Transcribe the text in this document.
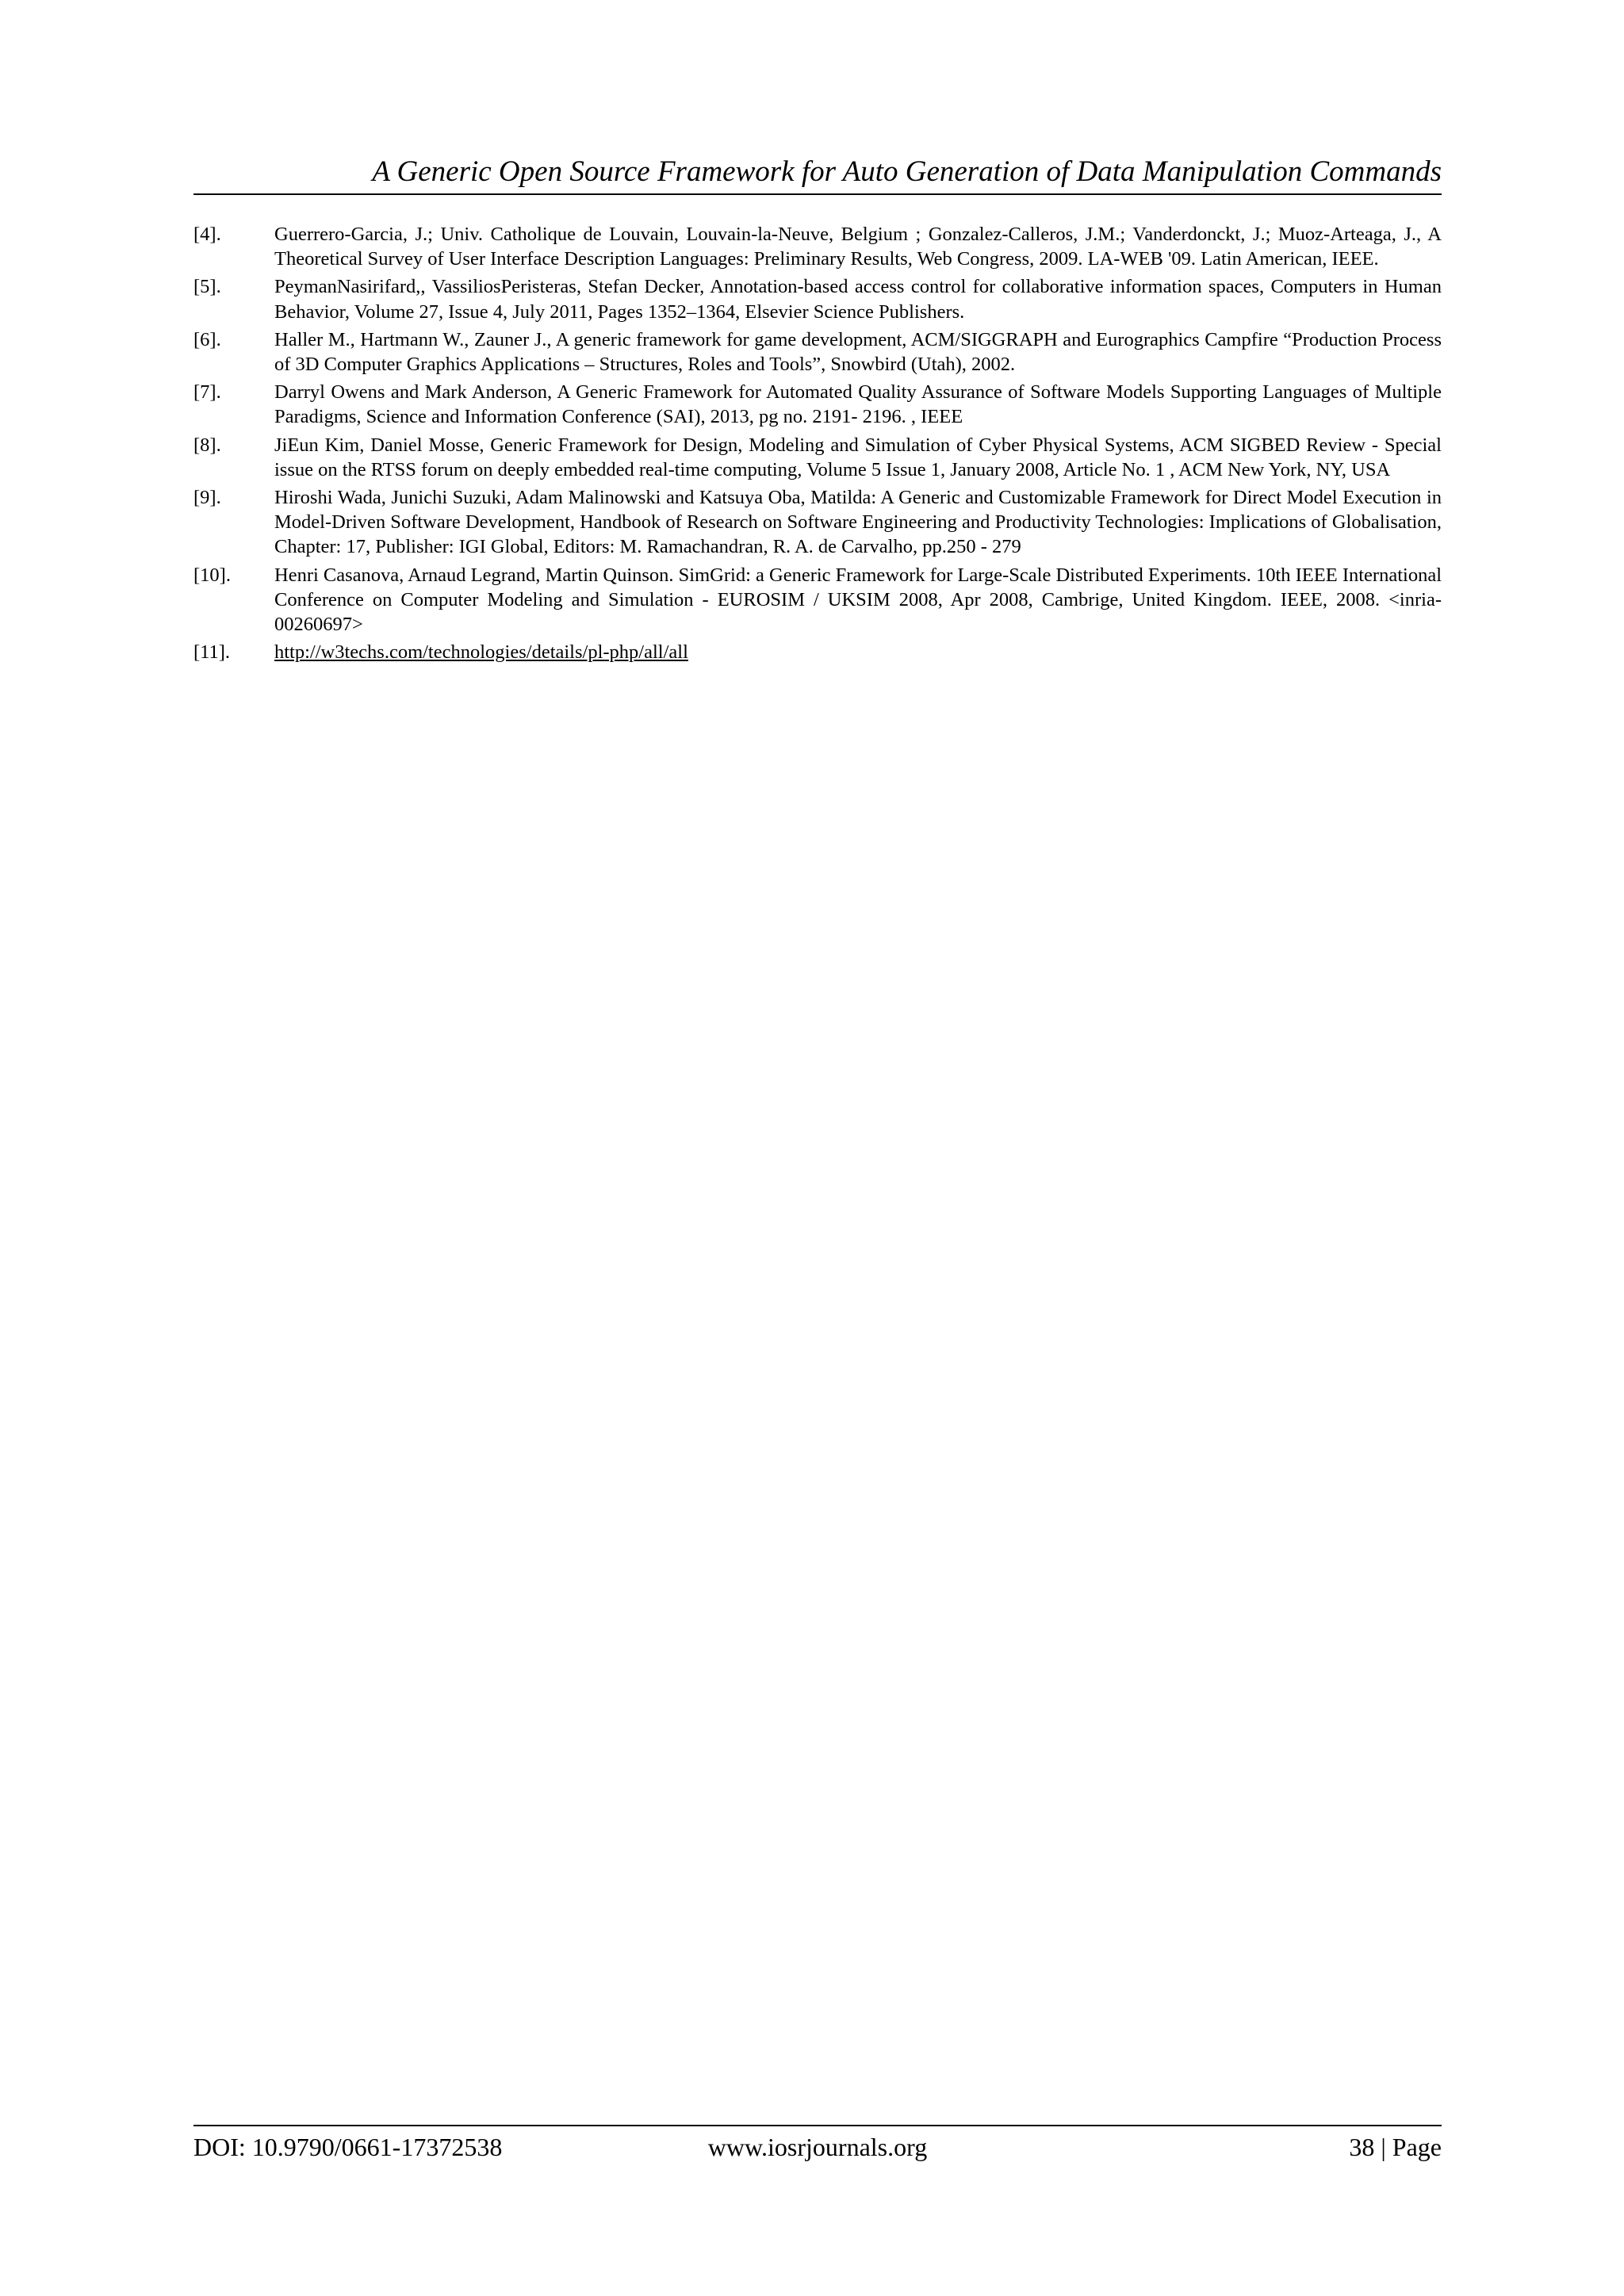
A Generic Open Source Framework for Auto Generation of Data Manipulation Commands
[4].	Guerrero-Garcia, J.; Univ. Catholique de Louvain, Louvain-la-Neuve, Belgium ; Gonzalez-Calleros, J.M.; Vanderdonckt, J.; Muoz-Arteaga, J., A Theoretical Survey of User Interface Description Languages: Preliminary Results, Web Congress, 2009. LA-WEB '09. Latin American, IEEE.
[5].	PeymanNasirifard,, VassiliosPeristeras, Stefan Decker, Annotation-based access control for collaborative information spaces, Computers in Human Behavior, Volume 27, Issue 4, July 2011, Pages 1352–1364, Elsevier Science Publishers.
[6].	Haller M., Hartmann W., Zauner J., A generic framework for game development, ACM/SIGGRAPH and Eurographics Campfire “Production Process of 3D Computer Graphics Applications – Structures, Roles and Tools”, Snowbird (Utah), 2002.
[7].	Darryl Owens and Mark Anderson, A Generic Framework for Automated Quality Assurance of Software Models Supporting Languages of Multiple Paradigms, Science and Information Conference (SAI), 2013, pg no. 2191- 2196. , IEEE
[8].	JiEun Kim, Daniel Mosse, Generic Framework for Design, Modeling and Simulation of Cyber Physical Systems, ACM SIGBED Review - Special issue on the RTSS forum on deeply embedded real-time computing, Volume 5 Issue 1, January 2008, Article No. 1 , ACM New York, NY, USA
[9].	Hiroshi Wada, Junichi Suzuki, Adam Malinowski and Katsuya Oba, Matilda: A Generic and Customizable Framework for Direct Model Execution in Model-Driven Software Development, Handbook of Research on Software Engineering and Productivity Technologies: Implications of Globalisation, Chapter: 17, Publisher: IGI Global, Editors: M. Ramachandran, R. A. de Carvalho, pp.250 - 279
[10].	Henri Casanova, Arnaud Legrand, Martin Quinson. SimGrid: a Generic Framework for Large-Scale Distributed Experiments. 10th IEEE International Conference on Computer Modeling and Simulation - EUROSIM / UKSIM 2008, Apr 2008, Cambrige, United Kingdom. IEEE, 2008. <inria-00260697>
[11].	http://w3techs.com/technologies/details/pl-php/all/all
DOI: 10.9790/0661-17372538	www.iosrjournals.org	38 | Page
